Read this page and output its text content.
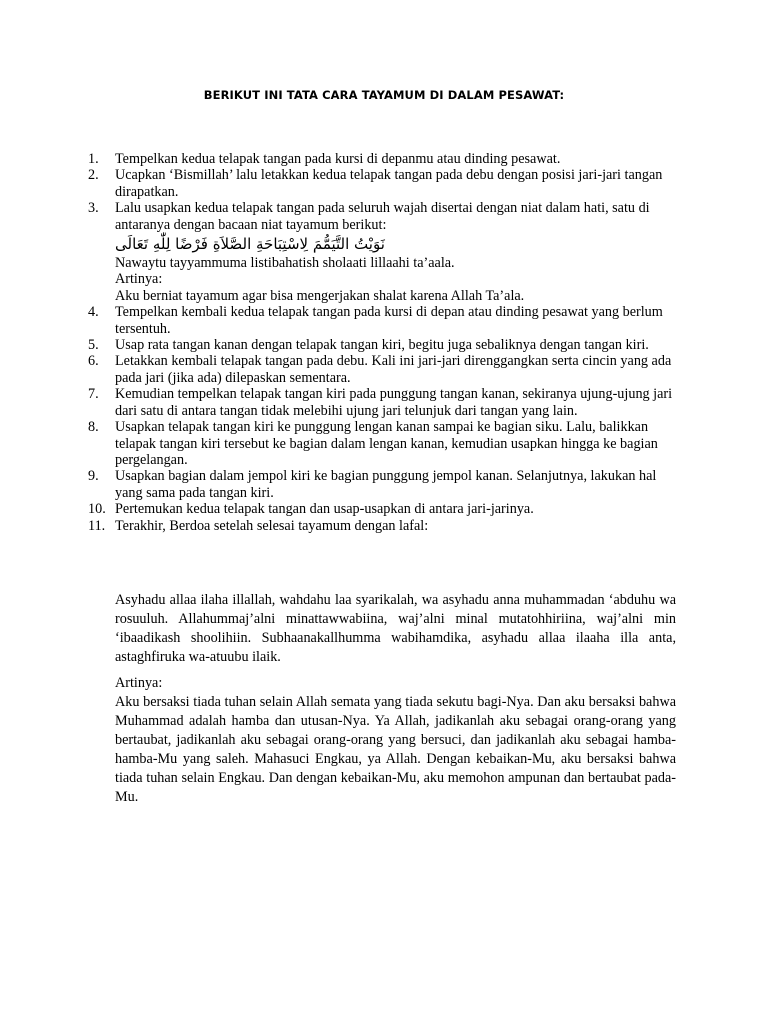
BERIKUT INI TATA CARA TAYAMUM DI DALAM PESAWAT:
1.	Tempelkan kedua telapak tangan pada kursi di depanmu atau dinding pesawat.
2.	Ucapkan ‘Bismillah’ lalu letakkan kedua telapak tangan pada debu dengan posisi jari-jari tangan dirapatkan.
3.	Lalu usapkan kedua telapak tangan pada seluruh wajah disertai dengan niat dalam hati, satu di antaranya dengan bacaan niat tayamum berikut:
نَوَيْتُ التَّيَمُّمَ لِاسْتِبَاحَةِ الصَّلاَةِ فَرْضًا لِلّٰهِ تَعَالَى
Nawaytu tayyammuma listibahatish sholaati lillaahi ta’aala.
Artinya:
Aku berniat tayamum agar bisa mengerjakan shalat karena Allah Ta’ala.
4.	Tempelkan kembali kedua telapak tangan pada kursi di depan atau dinding pesawat yang berlum tersentuh.
5.	Usap rata tangan kanan dengan telapak tangan kiri, begitu juga sebaliknya dengan tangan kiri.
6.	Letakkan kembali telapak tangan pada debu. Kali ini jari-jari direnggangkan serta cincin yang ada pada jari (jika ada) dilepaskan sementara.
7.	Kemudian tempelkan telapak tangan kiri pada punggung tangan kanan, sekiranya ujung-ujung jari dari satu di antara tangan tidak melebihi ujung jari telunjuk dari tangan yang lain.
8.	Usapkan telapak tangan kiri ke punggung lengan kanan sampai ke bagian siku. Lalu, balikkan telapak tangan kiri tersebut ke bagian dalam lengan kanan, kemudian usapkan hingga ke bagian pergelangan.
9.	Usapkan bagian dalam jempol kiri ke bagian punggung jempol kanan. Selanjutnya, lakukan hal yang sama pada tangan kiri.
10. Pertemukan kedua telapak tangan dan usap-usapkan di antara jari-jarinya.
11. Terakhir, Berdoa setelah selesai tayamum dengan lafal:

Asyhadu allaa ilaha illallah, wahdahu laa syarikalah, wa asyhadu anna muhammadan ‘abduhu wa rosuuluh. Allahummaj’alni minattawwabiina, waj’alni minal mutatohhiriina, waj’alni min ‘ibaadikash shoolihiin. Subhaanakallhumma wabihamdika, asyhadu allaa ilaaha illa anta, astaghfiruka wa-atuubu ilaik.

Artinya:

Aku bersaksi tiada tuhan selain Allah semata yang tiada sekutu bagi-Nya. Dan aku bersaksi bahwa Muhammad adalah hamba dan utusan-Nya. Ya Allah, jadikanlah aku sebagai orang-orang yang bertaubat, jadikanlah aku sebagai orang-orang yang bersuci, dan jadikanlah aku sebagai hamba-hamba-Mu yang saleh. Mahasuci Engkau, ya Allah. Dengan kebaikan-Mu, aku bersaksi bahwa tiada tuhan selain Engkau. Dan dengan kebaikan-Mu, aku memohon ampunan dan bertaubat pada-Mu.
